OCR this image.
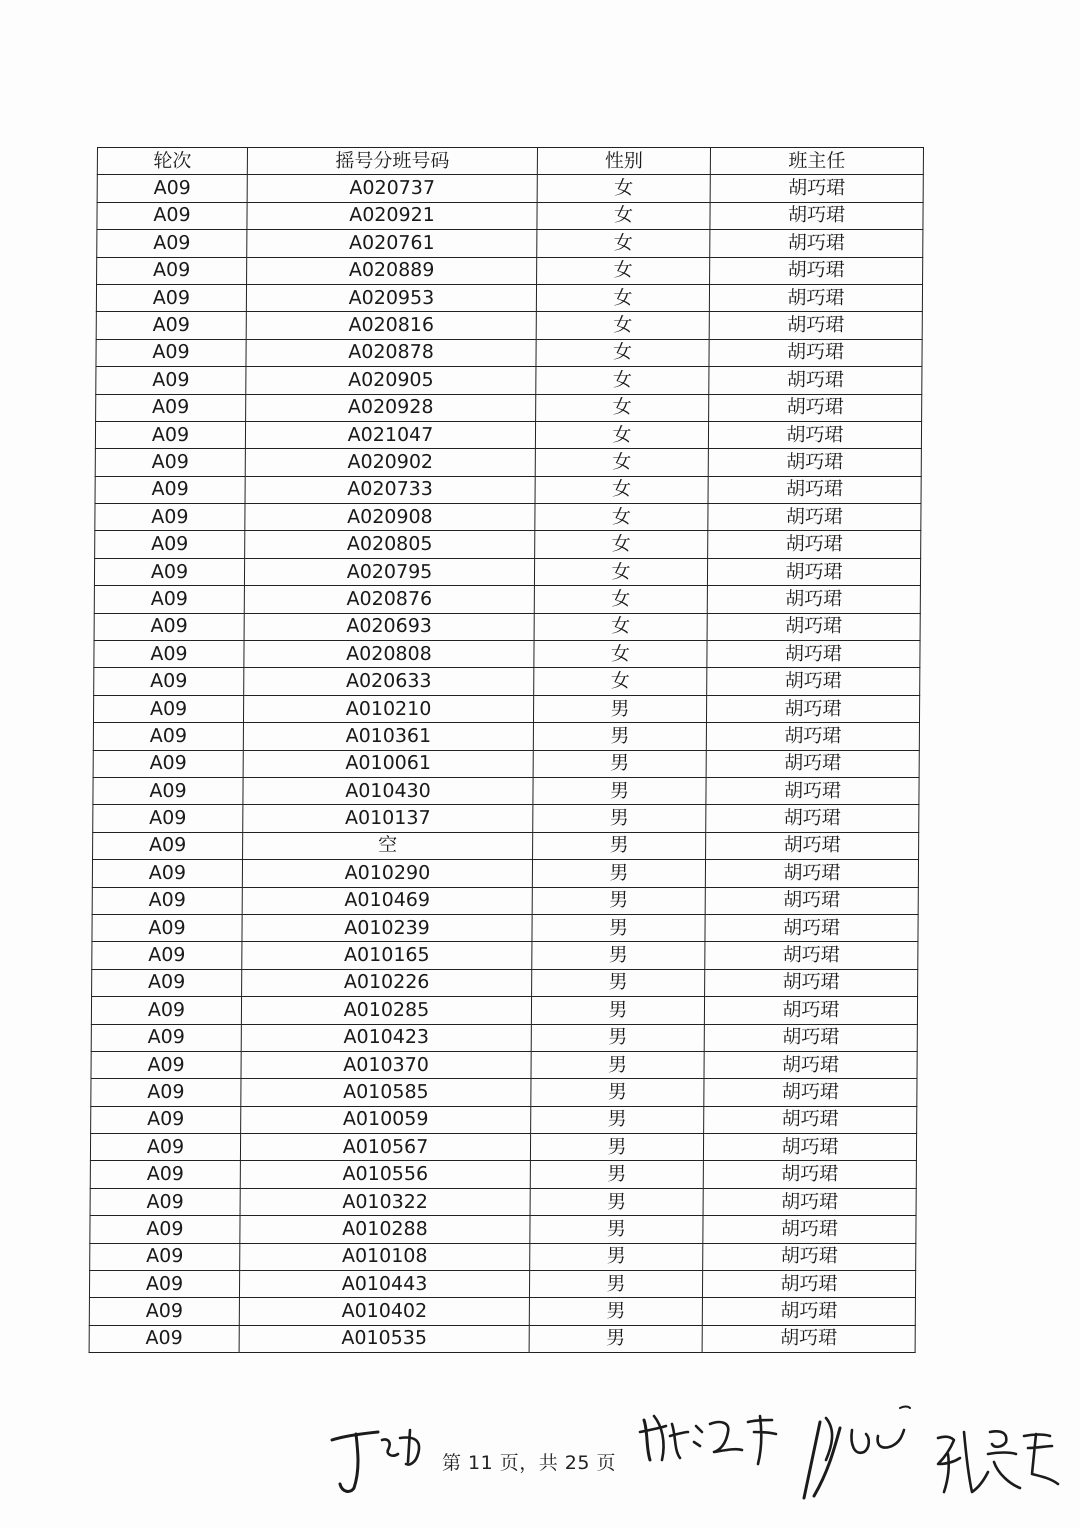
轮次	摇号分班号码	性别	班主任
A09	A020737	女	胡巧珺
A09	A020921	女	胡巧珺
A09	A020761	女	胡巧珺
A09	A020889	女	胡巧珺
A09	A020953	女	胡巧珺
A09	A020816	女	胡巧珺
A09	A020878	女	胡巧珺
A09	A020905	女	胡巧珺
A09	A020928	女	胡巧珺
A09	A021047	女	胡巧珺
A09	A020902	女	胡巧珺
A09	A020733	女	胡巧珺
A09	A020908	女	胡巧珺
A09	A020805	女	胡巧珺
A09	A020795	女	胡巧珺
A09	A020876	女	胡巧珺
A09	A020693	女	胡巧珺
A09	A020808	女	胡巧珺
A09	A020633	女	胡巧珺
A09	A010210	男	胡巧珺
A09	A010361	男	胡巧珺
A09	A010061	男	胡巧珺
A09	A010430	男	胡巧珺
A09	A010137	男	胡巧珺
A09	空	男	胡巧珺
A09	A010290	男	胡巧珺
A09	A010469	男	胡巧珺
A09	A010239	男	胡巧珺
A09	A010165	男	胡巧珺
A09	A010226	男	胡巧珺
A09	A010285	男	胡巧珺
A09	A010423	男	胡巧珺
A09	A010370	男	胡巧珺
A09	A010585	男	胡巧珺
A09	A010059	男	胡巧珺
A09	A010567	男	胡巧珺
A09	A010556	男	胡巧珺
A09	A010322	男	胡巧珺
A09	A010288	男	胡巧珺
A09	A010108	男	胡巧珺
A09	A010443	男	胡巧珺
A09	A010402	男	胡巧珺
A09	A010535	男	胡巧珺
第 11 页，共 25 页
